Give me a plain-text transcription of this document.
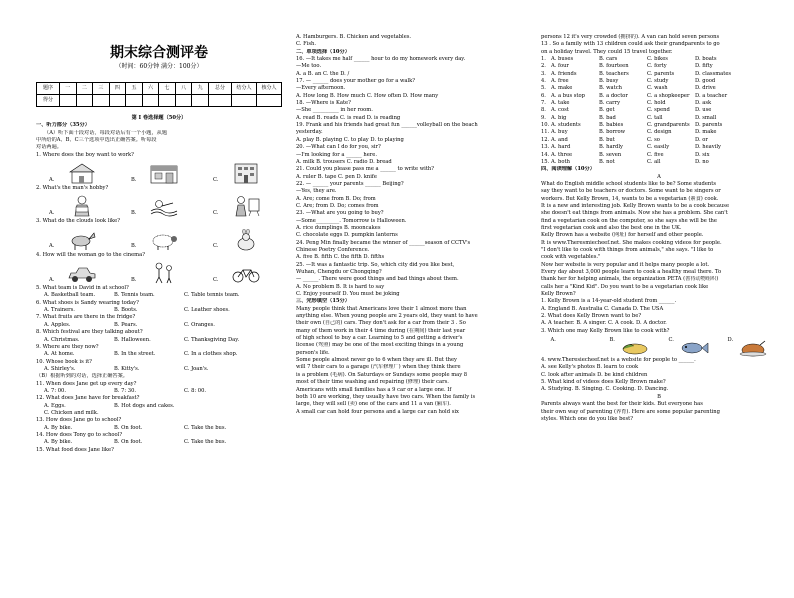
期末综合测评卷
（时间：60分钟 满分：100分）
题序	一	二	三	四	五	六	七	八	九	总分	结分人	核分人
得分												
第 I 卷选择题（50分）
一、听力部分（35分）
（A）听下面十段对话，每段对话后有一个小题，从题
中所给的A、B、C三个选项中选出正确答案。听每段
对话两遍。
1. Where does the boy want to work?
A.	B.	C.
2. What's the man's hobby?
A.	B.	C.
3. What do the clouds look like?
A.	B.	C.
4. How will the woman go to the cinema?
A.	B.	C.
5. What team is David in at school?
A. Basketball team.	B. Tennis team.	C. Table tennis team.
6. What shoes is Sandy wearing today?
A. Trainers.	B. Boots.	C. Leather shoes.
7. What fruits are there in the fridge?
A. Apples.	B. Pears.	C. Oranges.
8. Which festival are they talking about?
A. Christmas.	B. Halloween.	C. Thanksgiving Day.
9. Where are they now?
A. At home.	B. In the street.	C. In a clothes shop.
10. Whose book is it?
A. Shirley's.	B. Kitty's.	C. Joan's.
（B）根据听到的对话，选择正确答案。
11. When does Jane get up every day?
A. 7: 00.	B. 7: 30.	C. 8: 00.
12. What does Jane have for breakfast?
A. Eggs.	B. Hot dogs and cakes.
C. Chicken and milk.
13. How does Jane go to school?
A. By bike.	B. On foot.	C. Take the bus.
14. How does Tony go to school?
A. By bike.	B. On foot.	C. Take the bus.
15. What food does Jane like?
A. Hamburgers. B. Chicken and vegetables.
C. Fish.
二、单项选择（10分）
16. —It takes me half ______ hour to do my homework every day.
—Me too.
A. a B. an C. the D. /
17. — ______ does your mother go for a walk?
—Every afternoon.
A. How long B. How much C. How often D. How many
18. —Where is Kate?
—She __________ in her room.
A. read B. reads C. is read D. is reading
19. Frank and his friends had great fun ______volleyball on the beach
yesterday.
A. play B. playing C. to play D. to playing
20. —What can I do for you, sir?
—I'm looking for a ______ here.
A. milk B. trousers C. radio D. bread
21. Could you please pass me a ______ to write with?
A. ruler B. tape C. pen D. knife
22. — ______ your parents ______ Beijing?
—Yes, they are.
A. Are; come from B. Do; from
C. Are; from D. Do; comes from
23. —What are you going to buy?
—Some_________. Tomorrow is Halloween.
A. rice dumplings B. mooncakes
C. chocolate eggs D. pumpkin lanterns
24. Peng Min finally became the winner of ______season of CCTV's
Chinese Poetry Conference.
A. five B. fifth C. the fifth D. fifths
25. —It was a fantastic trip. So, which city did you like best,
Wuhan, Chengdu or Chongqing?
— ______. There were good things and bad things about them.
A. No problem B. It is hard to say
C. Enjoy yourself D. You must be joking
三、完形填空（15分）
Many people think that Americans love their 1 almost more than
anything else. When young people are 2 years old, they want to have
their own (自己的) cars. They don't ask for a car from their 3 . So
many of them work in their 4 time during (在期间) their last year
of high school to buy a car. Learning to 5 and getting a driver's
license (驾照) may be one of the most exciting things in a young
person's life.
Some people almost never go to 6 when they are ill. But they
will 7 their cars to a garage (汽车修理厂) when they think there
is a problem (毛病). On Saturdays or Sundays some people may 8
most of their time washing and repairing (修理) their cars.
Americans with small families has a 9 car or a large one. If
both 10 are working, they usually have two cars. When the family is
large, they will sell (卖) one of the cars and 11 a van (厢车).
A small car can hold four persons and a large car can hold six
persons 12 it's very crowded (拥挤的). A van can hold seven persons
13 . So a family with 13 children could ask their grandparents to go
on a holiday travel. They could 15 travel together.
1. A. buses	B. cars	C. bikes	D. boats
2. A. four	B. fourteen	C. forty	D. fifty
3. A. friends	B. teachers	C. parents	D. classmates
4. A. free	B. busy	C. study	D. good
5. A. make	B. watch	C. wash	D. drive
6. A. a bus stop	B. a doctor	C. a shopkeeper	D. a teacher
7. A. take	B. carry	C. hold	D. ask
8. A. cost	B. get	C. spend	D. use
9. A. big	B. bad	C. tall	D. small
10. A. students	B. babies	C. grandparents D. parents
11. A. buy	B. borrow	C. design	D. make
12. A. and	B. but	C. so	D. or
13. A. hard	B. hardly	C. easily	D. heavily
14. A. three	B. seven	C. five	D. six
15. A. both	B. not	C. all	D. no
四、阅读理解（10分）
A
What do English middle school students like to be? Some students
say they want to be teachers or doctors. Some want to be singers or
workers. But Kelly Brown, 14, wants to be a vegetarian (素食) cook.
It is a new and interesting job. Kelly Brown wants to be a cook because
she doesn't eat things from animals. Now she has a problem. She can't
find a vegetarian cook on the computer, so she says she will be the
first vegetarian cook and also the best one in the UK.
Kelly Brown has a website (网址) for herself and other people.
It is www.Theresmiecheef.net. She makes cooking videos for people.
"I don't like to cook with things from animals," she says. "I like to
cook with vegetables."
Now her website is very popular and it helps many people a lot.
Every day about 3,000 people learn to cook a healthy meal there. To
thank her for helping animals, the organization PETA (善待动物组织)
calls her a "Kind Kid". Do you want to be a vegetarian cook like
Kelly Brown?
1. Kelly Brown is a 14-year-old student from ______.
A. England B. Australia C. Canada D. The USA
2. What does Kelly Brown want to be?
A. A teacher. B. A singer. C. A cook. D. A doctor.
3. Which one may Kelly Brown like to cook with?
A.	B.	C.	D.
4. www.Theresiecheef.net is a website for people to ______.
A. see Kelly's photos B. learn to cook
C. look after animals D. be kind children
5. What kind of videos does Kelly Brown make?
A. Studying. B. Singing. C. Cooking. D. Dancing.
B
Parents always want the best for their kids. But everyone has
their own way of parenting (养育). Here are some popular parenting
styles. Which one do you like best?
